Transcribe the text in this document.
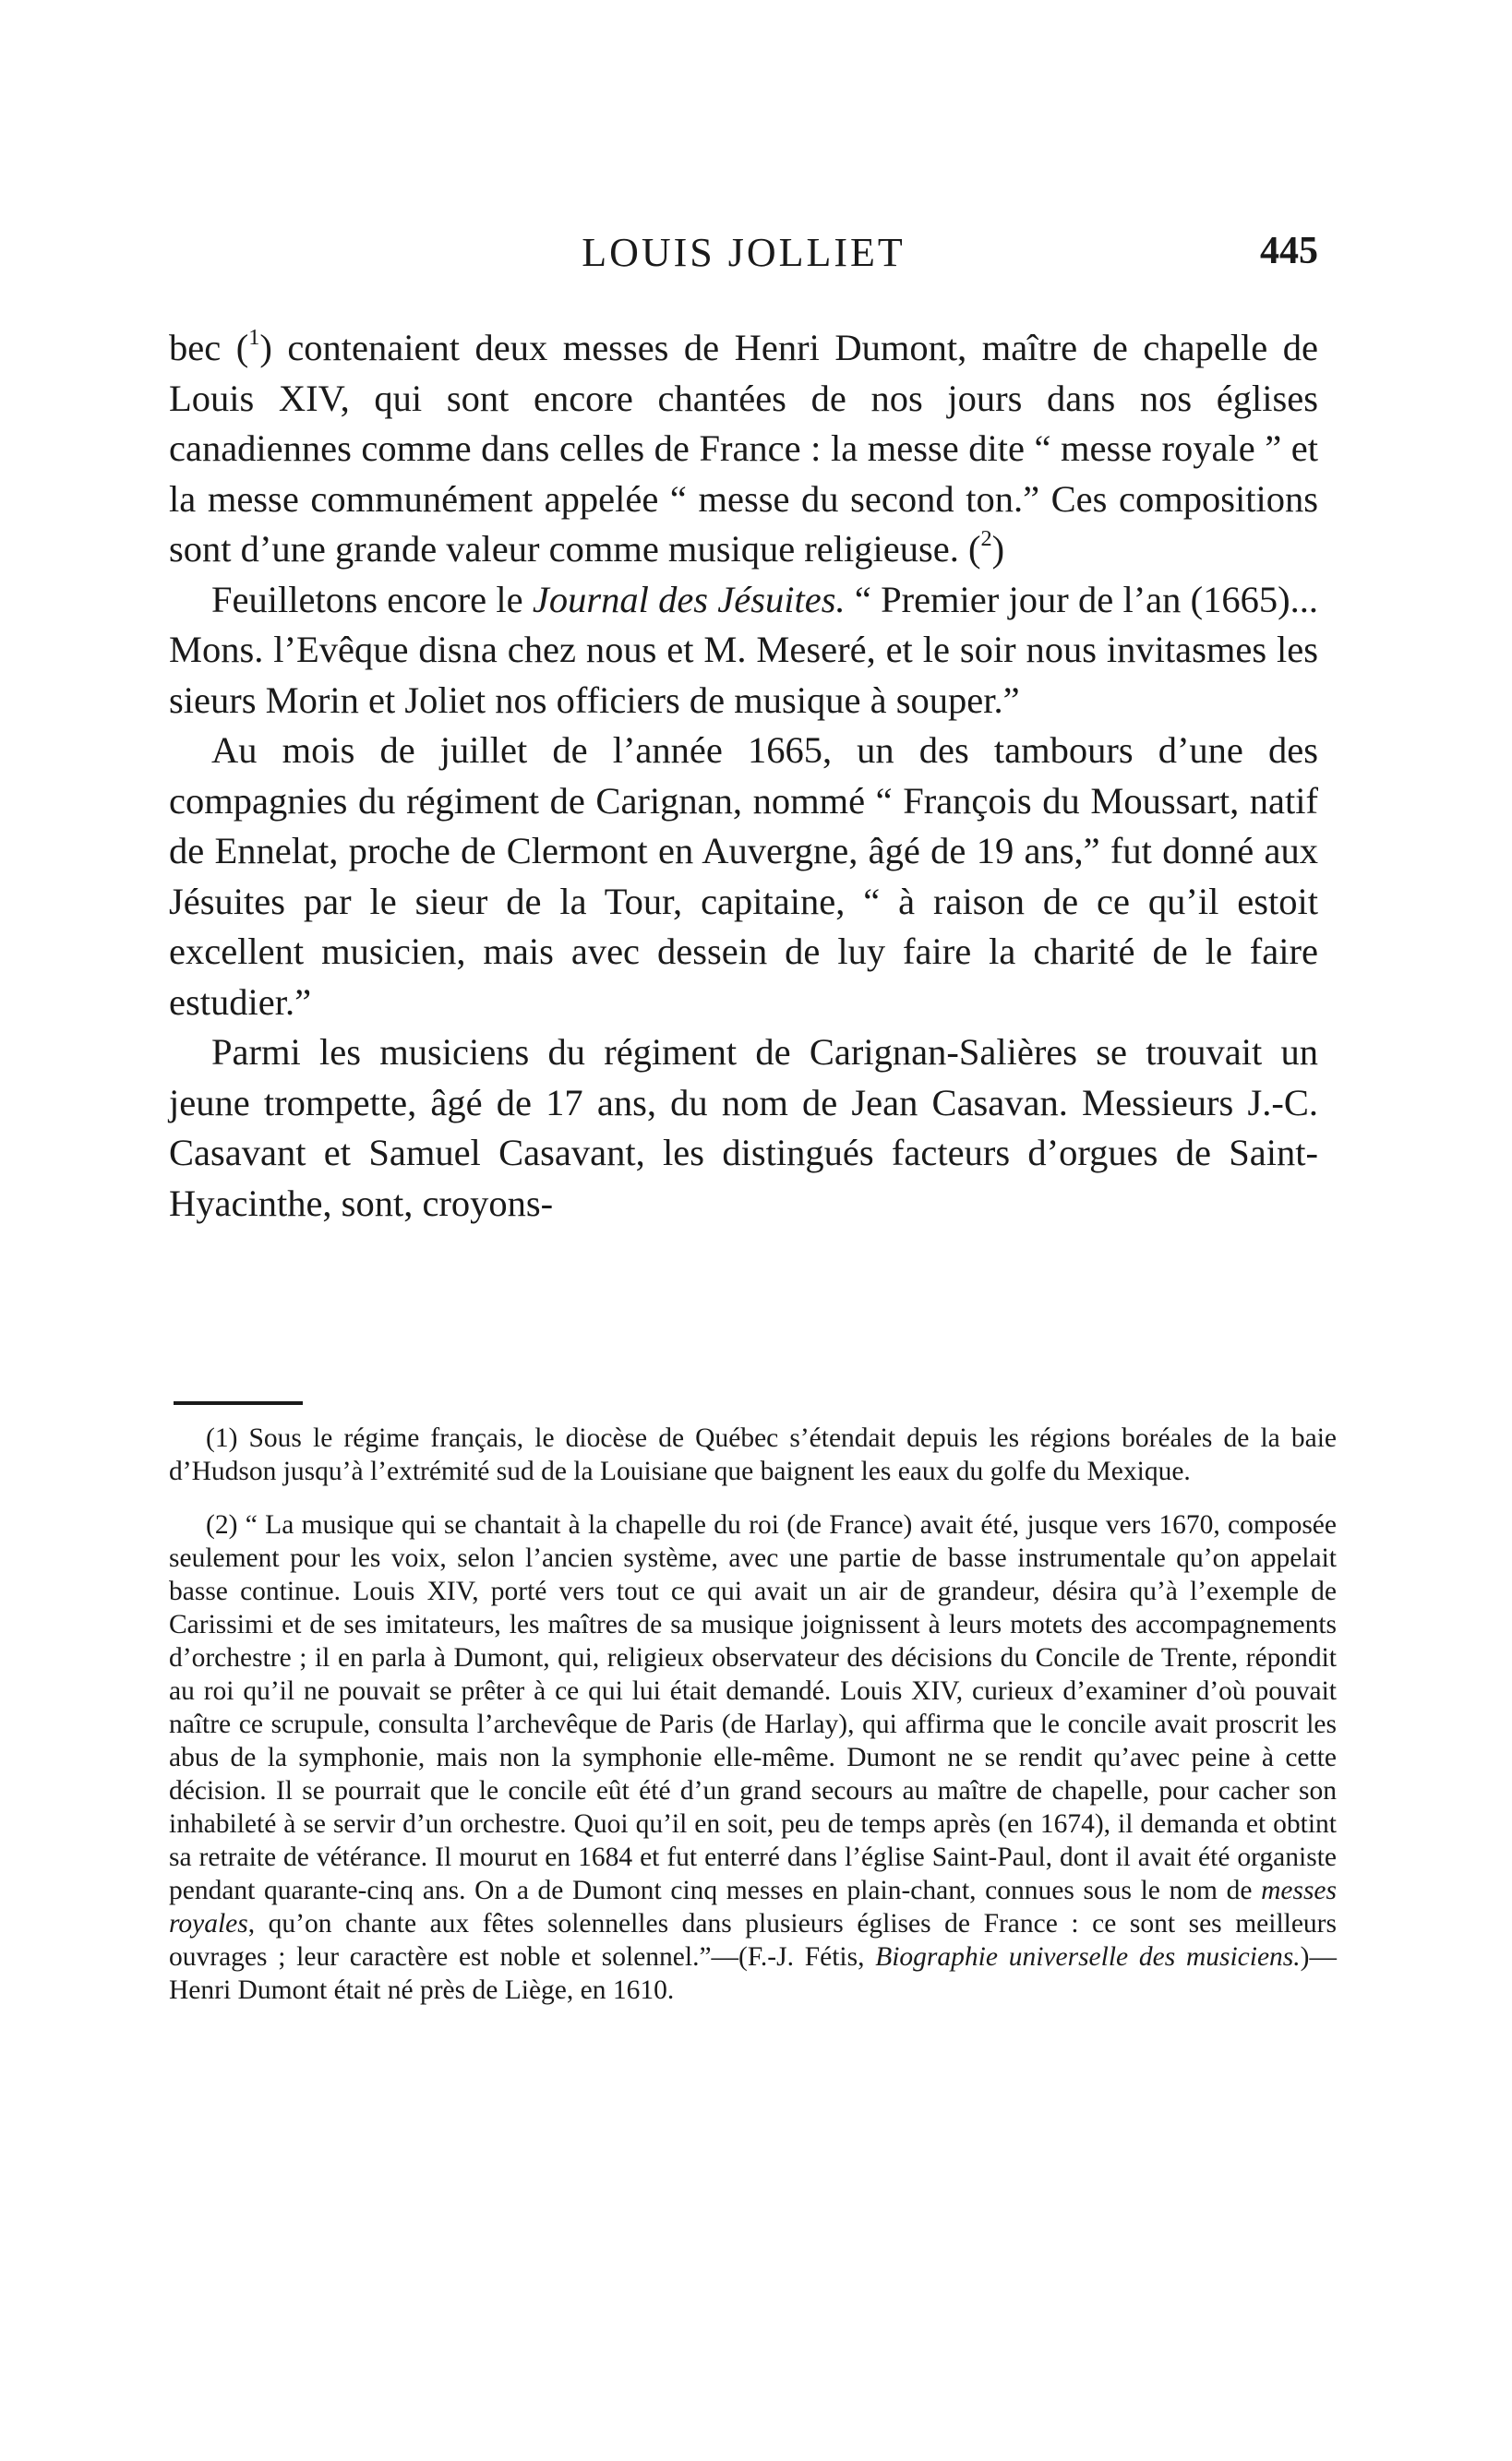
LOUIS JOLLIET	445

bec ($^1$) contenaient deux messes de Henri Dumont, maître de chapelle de Louis XIV, qui sont encore chantées de nos jours dans nos églises canadiennes comme dans celles de France : la messe dite “ messe royale ” et la messe communément appelée “ messe du second ton.” Ces compositions sont d’une grande valeur comme musique religieuse. ($^2$)

Feuilletons encore le Journal des Jésuites. “ Premier jour de l’an (1665)... Mons. l’Evêque disna chez nous et M. Meseré, et le soir nous invitasmes les sieurs Morin et Joliet nos officiers de musique à souper.”

Au mois de juillet de l’année 1665, un des tambours d’une des compagnies du régiment de Carignan, nommé “ François du Moussart, natif de Ennelat, proche de Clermont en Auvergne, âgé de 19 ans,” fut donné aux Jésuites par le sieur de la Tour, capitaine, “ à raison de ce qu’il estoit excellent musicien, mais avec dessein de luy faire la charité de le faire estudier.”

Parmi les musiciens du régiment de Carignan-Salières se trouvait un jeune trompette, âgé de 17 ans, du nom de Jean Casavan. Messieurs J.-C. Casavant et Samuel Casavant, les distingués facteurs d’orgues de Saint-Hyacinthe, sont, croyons-

(1) Sous le régime français, le diocèse de Québec s’étendait depuis les régions boréales de la baie d’Hudson jusqu’à l’extrémité sud de la Louisiane que baignent les eaux du golfe du Mexique.

(2) “ La musique qui se chantait à la chapelle du roi (de France) avait été, jusque vers 1670, composée seulement pour les voix, selon l’ancien système, avec une partie de basse instrumentale qu’on appelait basse continue. Louis XIV, porté vers tout ce qui avait un air de grandeur, désira qu’à l’exemple de Carissimi et de ses imitateurs, les maîtres de sa musique joignissent à leurs motets des accompagnements d’orchestre ; il en parla à Dumont, qui, religieux observateur des décisions du Concile de Trente, répondit au roi qu’il ne pouvait se prêter à ce qui lui était demandé. Louis XIV, curieux d’examiner d’où pouvait naître ce scrupule, consulta l’archevêque de Paris (de Harlay), qui affirma que le concile avait proscrit les abus de la symphonie, mais non la symphonie elle-même. Dumont ne se rendit qu’avec peine à cette décision. Il se pourrait que le concile eût été d’un grand secours au maître de chapelle, pour cacher son inhabileté à se servir d’un orchestre. Quoi qu’il en soit, peu de temps après (en 1674), il demanda et obtint sa retraite de vétérance. Il mourut en 1684 et fut enterré dans l’église Saint-Paul, dont il avait été organiste pendant quarante-cinq ans. On a de Dumont cinq messes en plain-chant, connues sous le nom de messes royales, qu’on chante aux fêtes solennelles dans plusieurs églises de France : ce sont ses meilleurs ouvrages ; leur caractère est noble et solennel.”—(F.-J. Fétis, Biographie universelle des musiciens.)—Henri Dumont était né près de Liège, en 1610.
